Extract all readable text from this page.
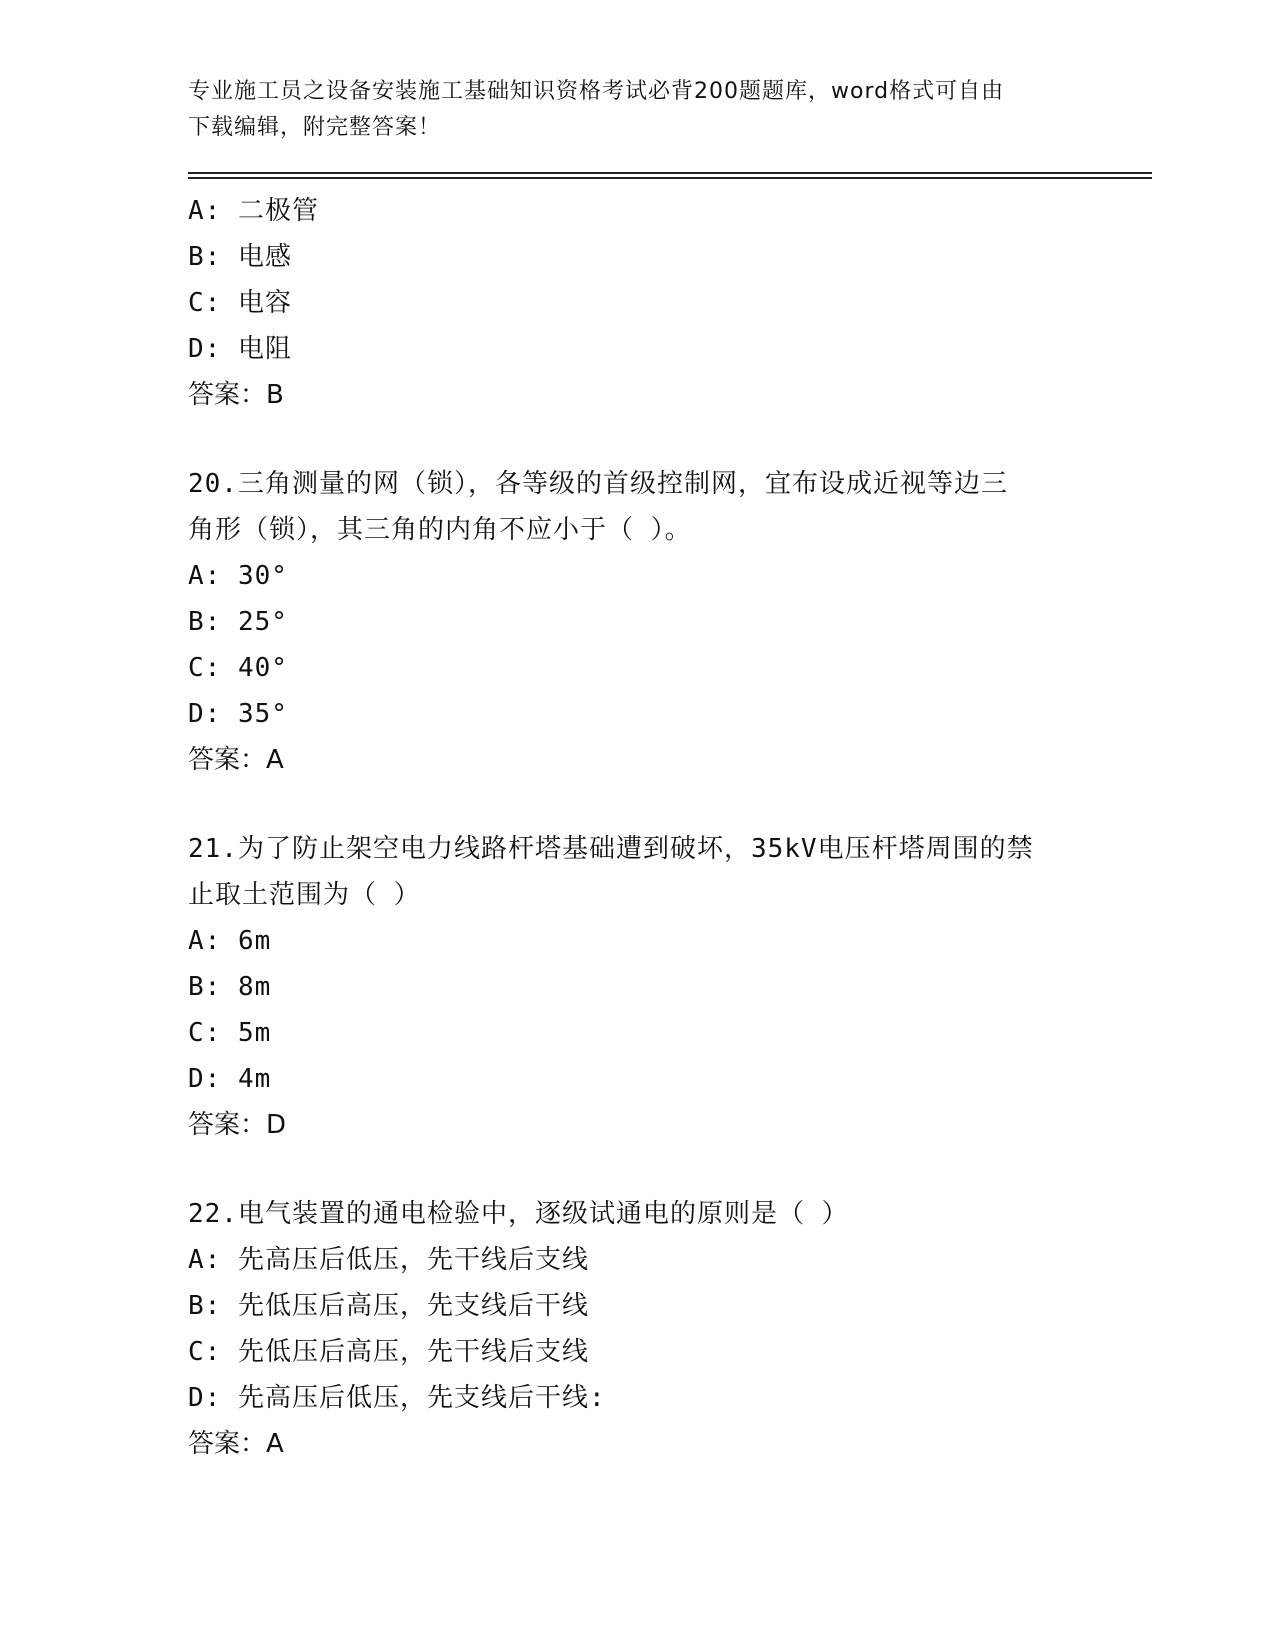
专业施工员之设备安装施工基础知识资格考试必背200题题库，word格式可自由
下载编辑，附完整答案！
A: 二极管
B: 电感
C: 电容
D: 电阻
答案：B
20.三角测量的网（锁），各等级的首级控制网，宜布设成近视等边三
角形（锁），其三角的内角不应小于（ ）。
A: 30°
B: 25°
C: 40°
D: 35°
答案：A
21.为了防止架空电力线路杆塔基础遭到破坏，35kV电压杆塔周围的禁
止取土范围为（ ）
A: 6m
B: 8m
C: 5m
D: 4m
答案：D
22.电气装置的通电检验中，逐级试通电的原则是（ ）
A: 先高压后低压，先干线后支线
B: 先低压后高压，先支线后干线
C: 先低压后高压，先干线后支线
D: 先高压后低压，先支线后干线:
答案：A
